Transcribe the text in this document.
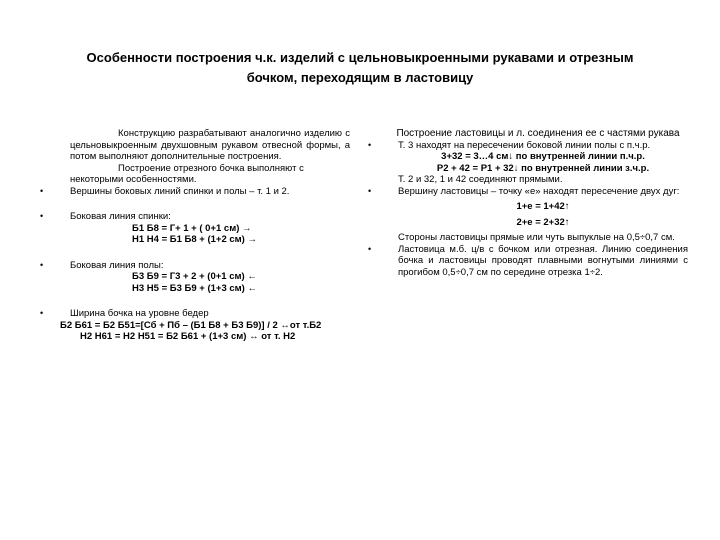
Особенности построения ч.к. изделий с цельновыкроенными рукавами и отрезным
бочком, переходящим в ластовицу
Конструкцию разрабатывают аналогично изделию с цельновыкроенным двухшовным рукавом отвесной формы, а потом выполняют дополнительные построения.
Построение отрезного бочка выполняют с некоторыми особенностями.
•	Вершины боковых линий спинки и полы – т. 1 и 2.
•	Боковая линия спинки:
Б1 Б8 = Г+ 1 + ( 0+1 см) →
Н1 Н4 = Б1 Б8 + (1+2 см) →
•	Боковая линия полы:
Б3 Б9 = Г3 + 2 + (0+1 см) ←
Н3 Н5 = Б3 Б9 + (1+3 см) ←
•	Ширина бочка на уровне бедер
Б2 Б61 = Б2 Б51=[Сб + Пб – (Б1 Б8 + Б3 Б9)] / 2 ↔от т.Б2
Н2 Н61 = Н2 Н51 = Б2 Б61 + (1+3 см) ↔ от т. Н2
Построение ластовицы и л. соединения ее с частями рукава
•	Т. 3 находят на пересечении боковой линии полы с п.ч.р.
3+32 = 3…4 см↓ по внутренней линии п.ч.р.
Р2 + 42 = Р1 + 32↓ по внутренней линии з.ч.р.
Т. 2 и 32, 1 и 42 соединяют прямыми.
•	Вершину ластовицы – точку «е» находят пересечение двух дуг:
1+е = 1+42↑
2+е = 2+32↑
Стороны ластовицы прямые или чуть выпуклые на 0,5÷0,7 см.
•	Ластовица м.б. ц/в с бочком или отрезная. Линию соединения бочка и ластовицы проводят плавными вогнутыми линиями с прогибом 0,5÷0,7 см по середине отрезка 1÷2.
